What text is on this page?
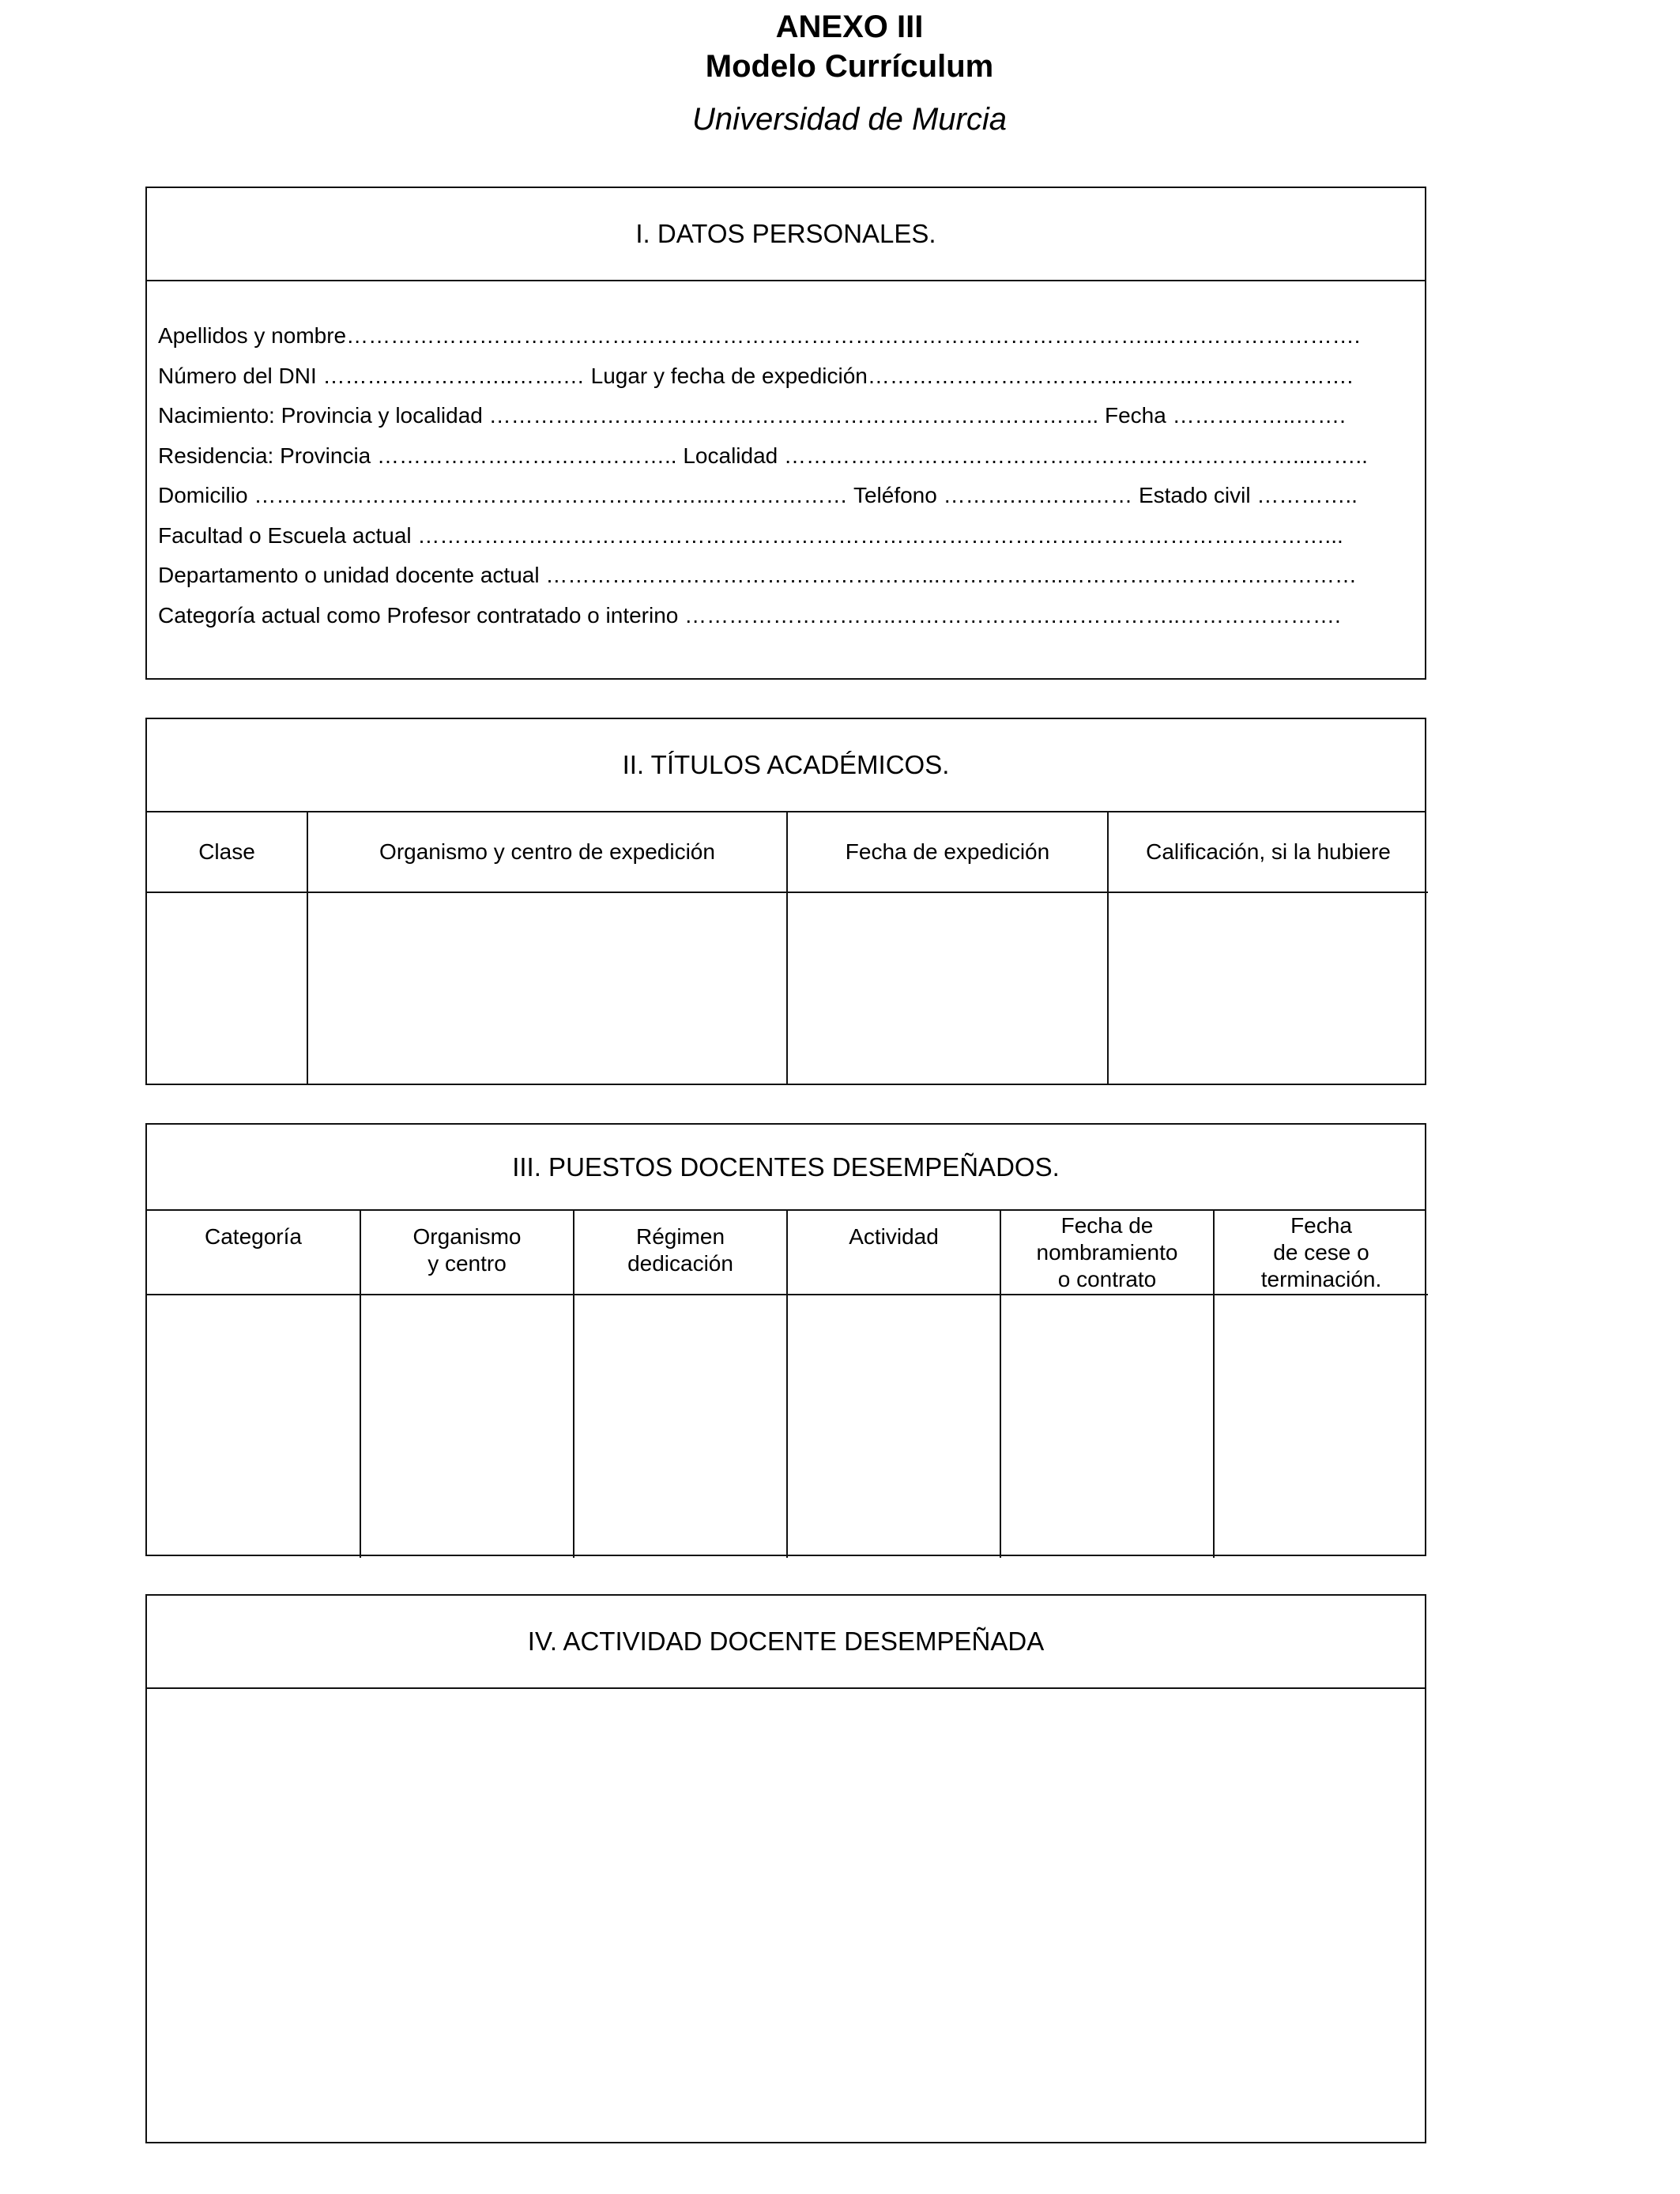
ANEXO III
Modelo Currículum
Universidad de Murcia
I. DATOS PERSONALES.
Apellidos y nombre………………………………………………………………………………………………..……………………….
Número del DNI ……………………..…….… Lugar y fecha de expedición……………………………..…..…..………………….
Nacimiento: Provincia y localidad ……………………………………………………………………….. Fecha ……………..…….
Residencia: Provincia ………………………………….. Localidad ……………………………………………………………...……..
Domicilio ……………………………………………………...……………… Teléfono ……….……….…… Estado civil …………..
Facultad o Escuela actual ……………………………………………………………………………………………………………...
Departamento o unidad docente actual ……………………………………………...……………..……………………….…………
Categoría actual como Profesor contratado o interino ………………………..………………….……………..………………….
II. TÍTULOS ACADÉMICOS.
Clase	Organismo y centro de expedición	Fecha de expedición	Calificación, si la hubiere

III. PUESTOS DOCENTES DESEMPEÑADOS.
Categoría	Organismo
y centro	Régimen
dedicación	Actividad	Fecha de
nombramiento
o contrato	Fecha
de cese o
terminación.

IV. ACTIVIDAD DOCENTE DESEMPEÑADA
